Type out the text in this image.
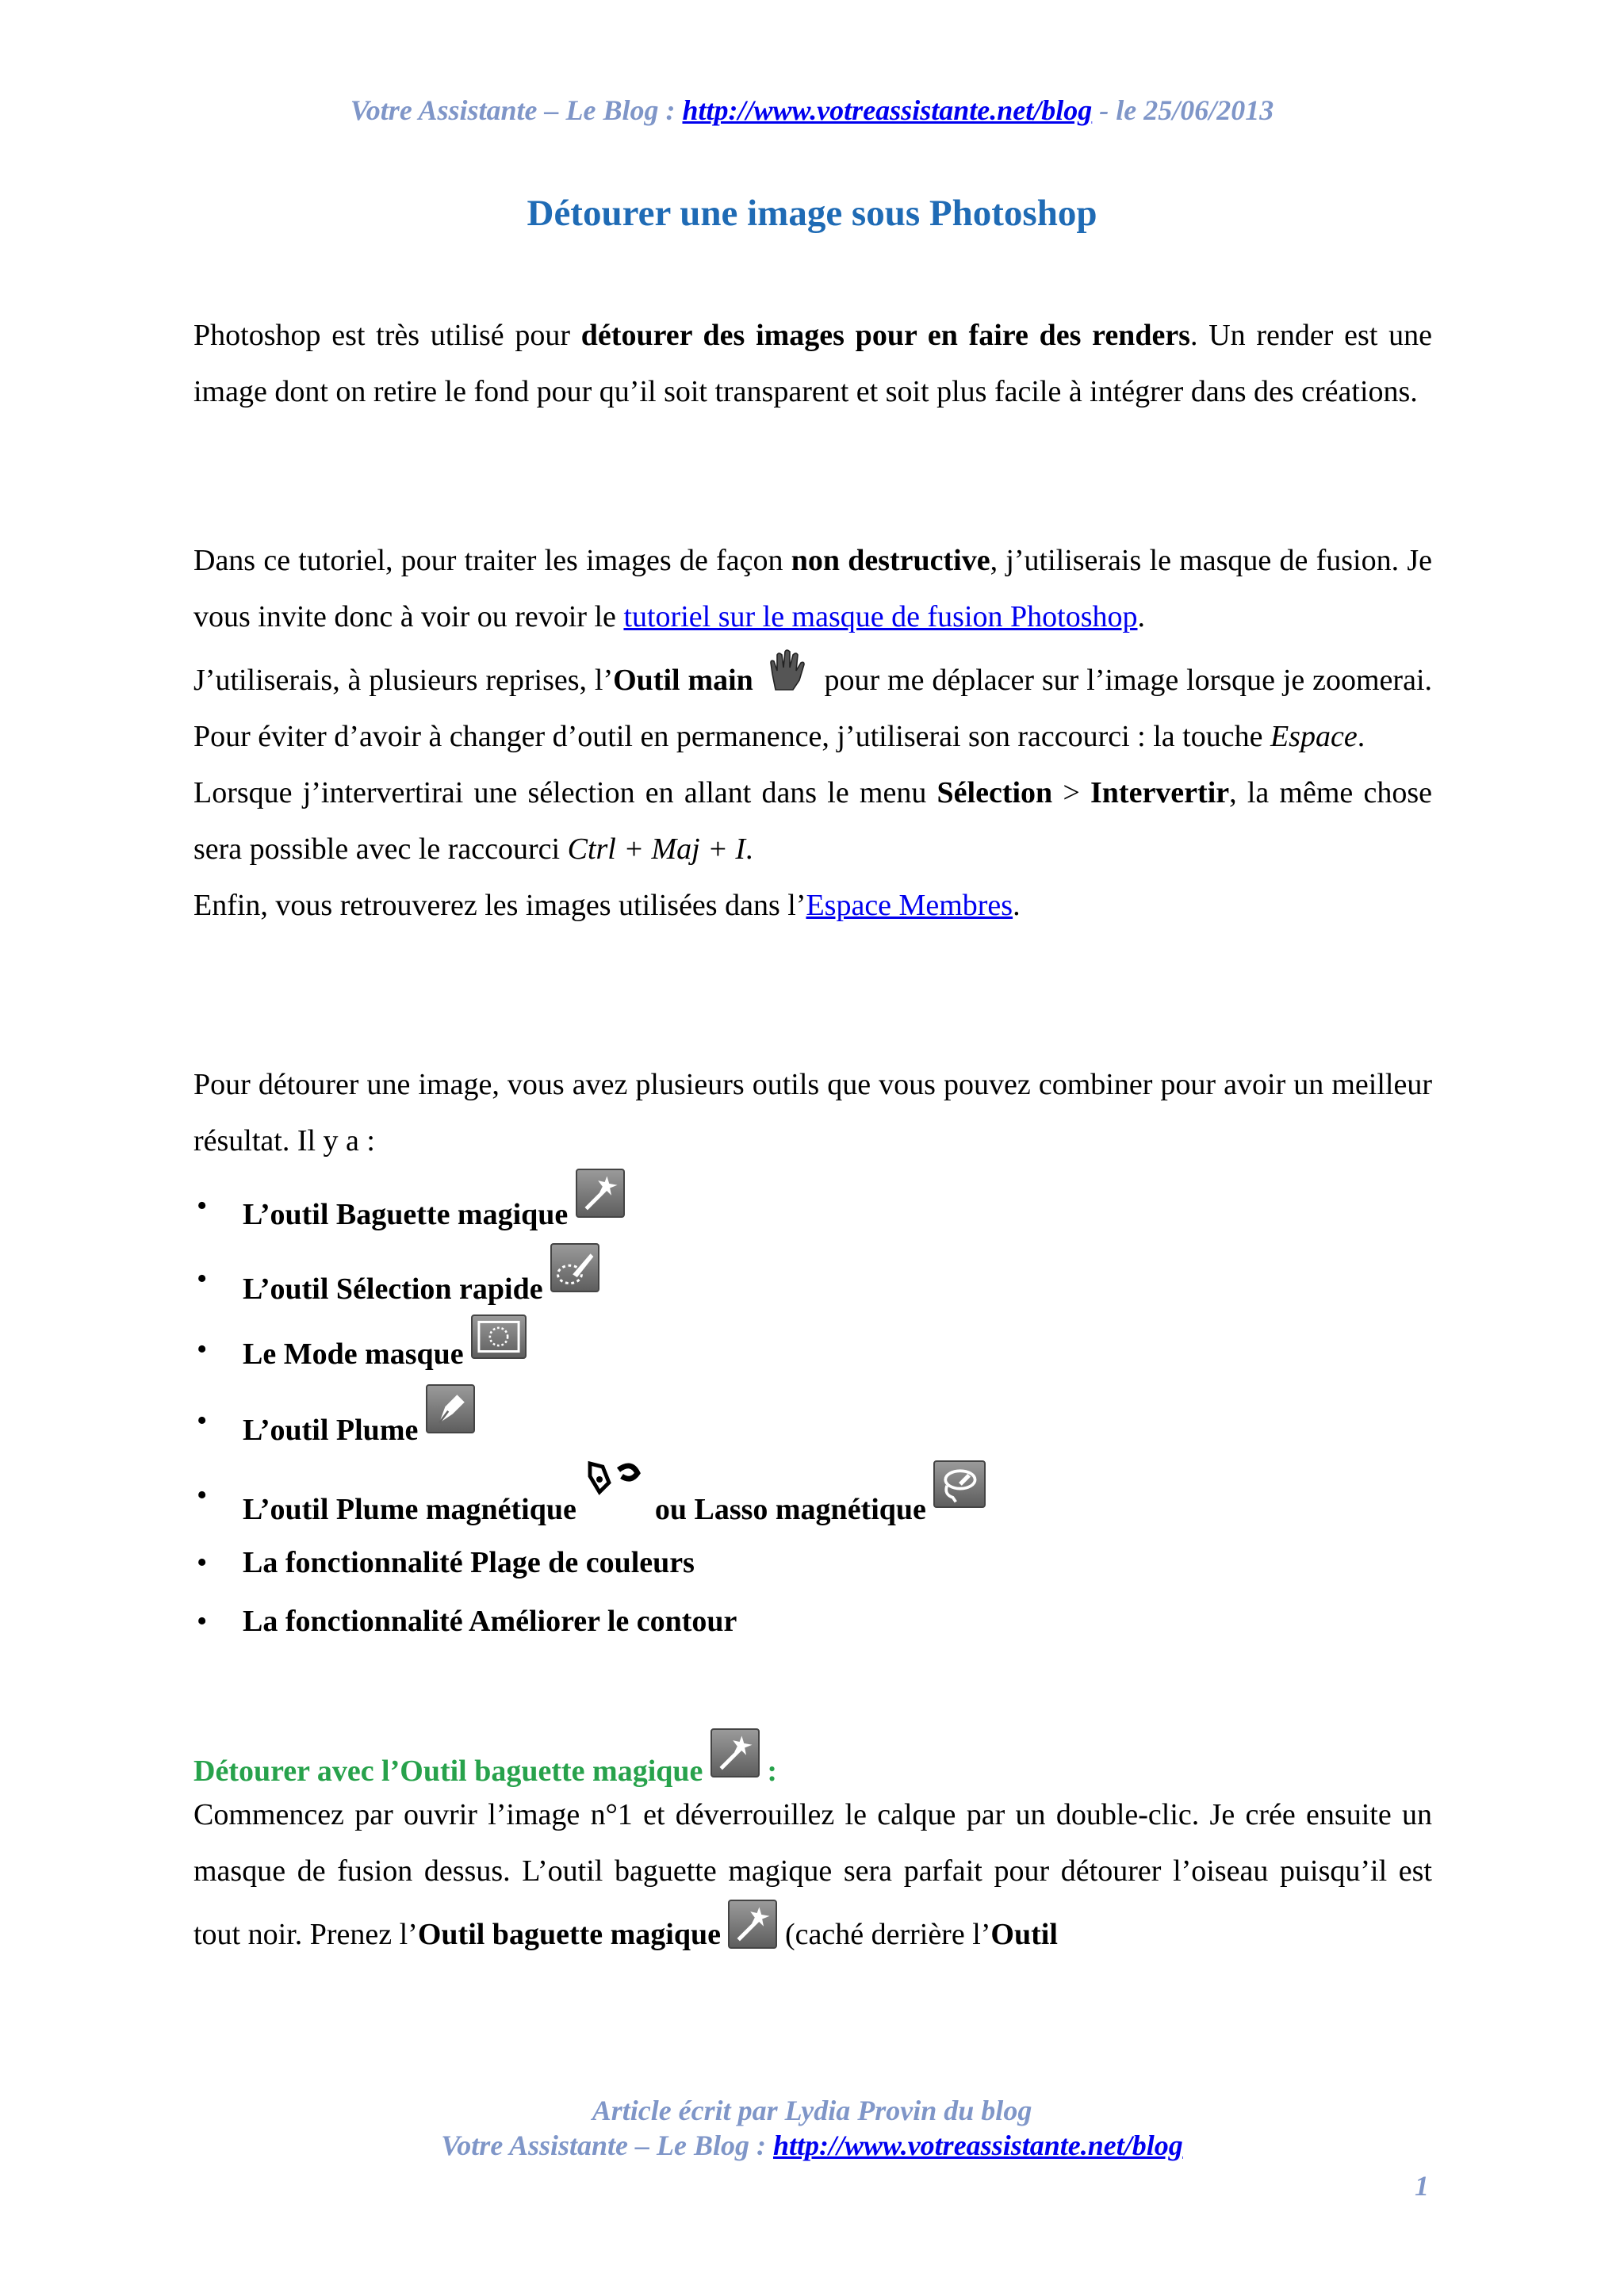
Votre Assistante – Le Blog : http://www.votreassistante.net/blog - le 25/06/2013
Détourer une image sous Photoshop
Photoshop est très utilisé pour détourer des images pour en faire des renders. Un render est une image dont on retire le fond pour qu’il soit transparent et soit plus facile à intégrer dans des créations.
Dans ce tutoriel, pour traiter les images de façon non destructive, j’utiliserais le masque de fusion. Je vous invite donc à voir ou revoir le tutoriel sur le masque de fusion Photoshop.
J’utiliserais, à plusieurs reprises, l’Outil main
pour me déplacer sur l’image lorsque je zoomerai. Pour éviter d’avoir à changer d’outil en permanence, j’utiliserai son raccourci : la touche Espace.
Lorsque j’intervertirai une sélection en allant dans le menu Sélection > Intervertir, la même chose sera possible avec le raccourci Ctrl + Maj + I.
Enfin, vous retrouverez les images utilisées dans l’Espace Membres.
Pour détourer une image, vous avez plusieurs outils que vous pouvez combiner pour avoir un meilleur résultat. Il y a :
• L’outil Baguette magique
• L’outil Sélection rapide
• Le Mode masque
• L’outil Plume
• L’outil Plume magnétique	ou Lasso magnétique
• La fonctionnalité Plage de couleurs
• La fonctionnalité Améliorer le contour
Détourer avec l’Outil baguette magique
:
Commencez par ouvrir l’image n°1 et déverrouillez le calque par un double-clic. Je crée ensuite un masque de fusion dessus. L’outil baguette magique sera parfait pour détourer l’oiseau puisqu’il est tout noir. Prenez l’Outil baguette magique
(caché derrière l’Outil
Article écrit par Lydia Provin du blog
Votre Assistante – Le Blog : http://www.votreassistante.net/blog
1
